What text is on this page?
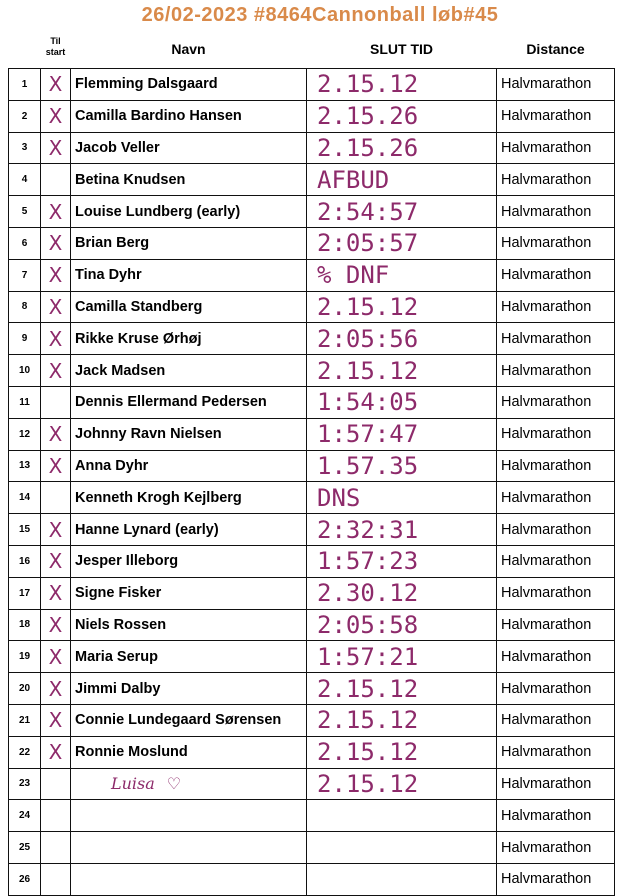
26/02-2023 #8464Cannonball løb#45
	Til start	Navn	SLUT TID	Distance
1	X	Flemming Dalsgaard	2.15.12	Halvmarathon
2	X	Camilla Bardino Hansen	2.15.26	Halvmarathon
3	X	Jacob Veller	2.15.26	Halvmarathon
4		Betina Knudsen	AFBUD	Halvmarathon
5	X	Louise Lundberg (early)	2:54:57	Halvmarathon
6	X	Brian Berg	2:05:57	Halvmarathon
7	X	Tina Dyhr	% DNF	Halvmarathon
8	X	Camilla Standberg	2.15.12	Halvmarathon
9	X	Rikke Kruse Ørhøj	2:05:56	Halvmarathon
10	X	Jack Madsen	2.15.12	Halvmarathon
11		Dennis Ellermand Pedersen	1:54:05	Halvmarathon
12	X	Johnny Ravn Nielsen	1:57:47	Halvmarathon
13	X	Anna Dyhr	1.57.35	Halvmarathon
14		Kenneth Krogh Kejlberg	DNS	Halvmarathon
15	X	Hanne Lynard (early)	2:32:31	Halvmarathon
16	X	Jesper Illeborg	1:57:23	Halvmarathon
17	X	Signe Fisker	2.30.12	Halvmarathon
18	X	Niels Rossen	2:05:58	Halvmarathon
19	X	Maria Serup	1:57:21	Halvmarathon
20	X	Jimmi Dalby	2.15.12	Halvmarathon
21	X	Connie Lundegaard Sørensen	2.15.12	Halvmarathon
22	X	Ronnie Moslund	2.15.12	Halvmarathon
23		Luisa ♡	2.15.12	Halvmarathon
24				Halvmarathon
25				Halvmarathon
26				Halvmarathon
